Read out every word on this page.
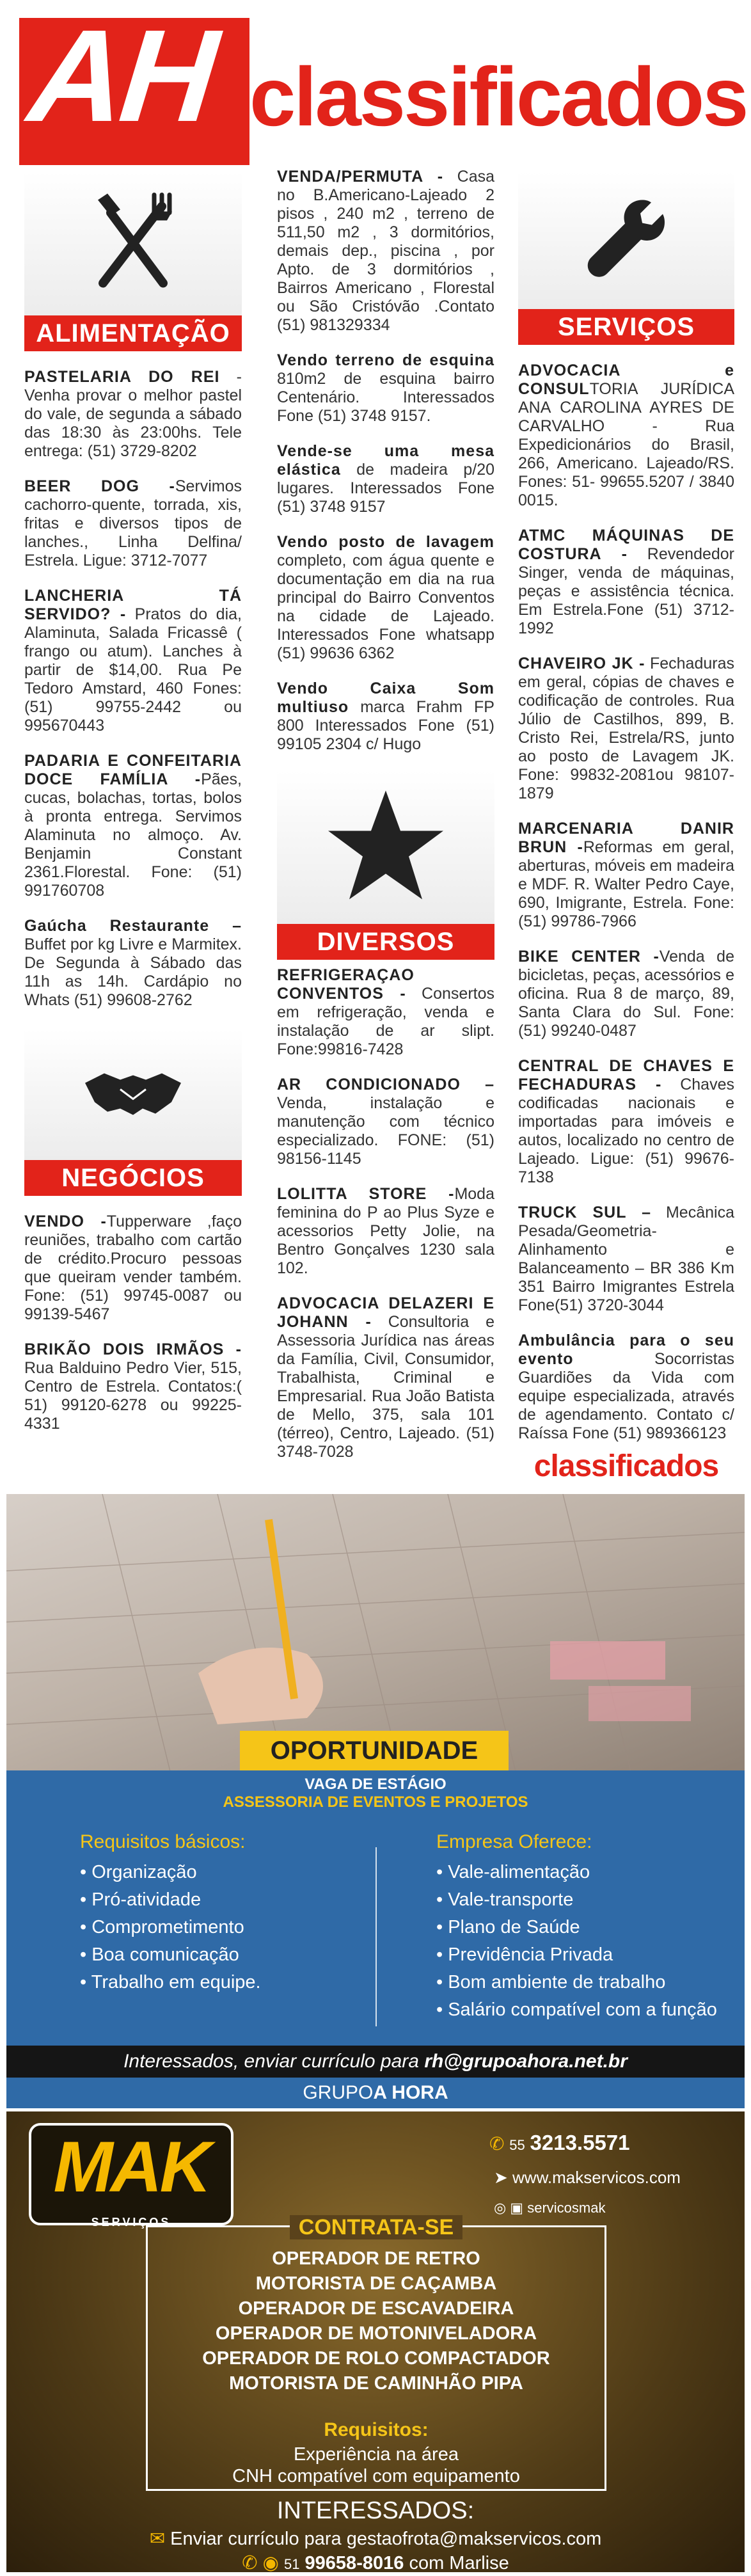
AH classificados
ALIMENTAÇÃO
PASTELARIA DO REI - Venha provar o melhor pastel do vale, de segunda a sábado das 18:30 às 23:00hs. Tele entrega: (51) 3729-8202
BEER DOG -Servimos cachorro-quente, torrada, xis, fritas e diversos tipos de lanches., Linha Delfina/ Estrela. Ligue: 3712-7077
LANCHERIA TÁ SERVIDO? - Pratos do dia, Alaminuta, Salada Fricassê ( frango ou atum). Lanches à partir de $14,00. Rua Pe Tedoro Amstard, 460 Fones: (51) 99755-2442 ou 995670443
PADARIA E CONFEITARIA DOCE FAMÍLIA -Pães, cucas, bolachas, tortas, bolos à pronta entrega. Servimos Alaminuta no almoço. Av. Benjamin Constant 2361.Florestal. Fone: (51) 991760708
Gaúcha Restaurante – Buffet por kg Livre e Marmitex. De Segunda à Sábado das 11h as 14h. Cardápio no Whats (51) 99608-2762
NEGÓCIOS
VENDO -Tupperware ,faço reuniões, trabalho com cartão de crédito.Procuro pessoas que queiram vender também. Fone: (51) 99745-0087 ou 99139-5467
BRIKÃO DOIS IRMÃOS -Rua Balduino Pedro Vier, 515, Centro de Estrela. Contatos:( 51) 99120-6278 ou 99225-4331
VENDA/PERMUTA - Casa no B.Americano-Lajeado 2 pisos , 240 m2 , terreno de 511,50 m2 , 3 dormitórios, demais dep., piscina , por Apto. de 3 dormitórios , Bairros Americano , Florestal ou São Cristóvão .Contato (51) 981329334
Vendo terreno de esquina 810m2 de esquina bairro Centenário. Interessados Fone (51) 3748 9157.
Vende-se uma mesa elástica de madeira p/20 lugares. Interessados Fone (51) 3748 9157
Vendo posto de lavagem completo, com água quente e documentação em dia na rua principal do Bairro Conventos na cidade de Lajeado. Interessados Fone whatsapp (51) 99636 6362
Vendo Caixa Som multiuso marca Frahm FP 800 Interessados Fone (51) 99105 2304 c/ Hugo
DIVERSOS
REFRIGERAÇAO CONVENTOS - Consertos em refrigeração, venda e instalação de ar slipt. Fone:99816-7428
AR CONDICIONADO – Venda, instalação e manutenção com técnico especializado. FONE: (51) 98156-1145
LOLITTA STORE -Moda feminina do P ao Plus Syze e acessorios Petty Jolie, na Bentro Gonçalves 1230 sala 102.
ADVOCACIA DELAZERI E JOHANN - Consultoria e Assessoria Jurídica nas áreas da Família, Civil, Consumidor, Trabalhista, Criminal e Empresarial. Rua João Batista de Mello, 375, sala 101 (térreo), Centro, Lajeado. (51) 3748-7028
SERVIÇOS
ADVOCACIA e CONSULTORIA JURÍDICA ANA CAROLINA AYRES DE CARVALHO - Rua Expedicionários do Brasil, 266, Americano. Lajeado/RS. Fones: 51- 99655.5207 / 3840 0015.
ATMC MÁQUINAS DE COSTURA - Revendedor Singer, venda de máquinas, peças e assistência técnica. Em Estrela.Fone (51) 3712-1992
CHAVEIRO JK - Fechaduras em geral, cópias de chaves e codificação de controles. Rua Júlio de Castilhos, 899, B. Cristo Rei, Estrela/RS, junto ao posto de Lavagem JK. Fone: 99832-2081ou 98107-1879
MARCENARIA DANIR BRUN -Reformas em geral, aberturas, móveis em madeira e MDF. R. Walter Pedro Caye, 690, Imigrante, Estrela. Fone:(51) 99786-7966
BIKE CENTER -Venda de bicicletas, peças, acessórios e oficina. Rua 8 de março, 89, Santa Clara do Sul. Fone: (51) 99240-0487
CENTRAL DE CHAVES E FECHADURAS - Chaves codificadas nacionais e importadas para imóveis e autos, localizado no centro de Lajeado. Ligue: (51) 99676-7138
TRUCK SUL – Mecânica Pesada/Geometria- Alinhamento e Balanceamento – BR 386 Km 351 Bairro Imigrantes Estrela Fone(51) 3720-3044
Ambulância para o seu evento Socorristas Guardiões da Vida com equipe especializada, através de agendamento. Contato c/ Raíssa Fone (51) 989366123
classificados
OPORTUNIDADE
VAGA DE ESTÁGIO
ASSESSORIA DE EVENTOS E PROJETOS
Requisitos básicos:
• Organização
• Pró-atividade
• Comprometimento
• Boa comunicação
• Trabalho em equipe.
Empresa Oferece:
• Vale-alimentação
• Vale-transporte
• Plano de Saúde
• Previdência Privada
• Bom ambiente de trabalho
• Salário compatível com a função
Interessados, enviar currículo para rh@grupoahora.net.br
GRUPOA HORA
MAK
SERVIÇOS
✆ 55 3213.5571
➤ www.makservicos.com
◎ ▣ servicosmak
CONTRATA-SE
OPERADOR DE RETRO
MOTORISTA DE CAÇAMBA
OPERADOR DE ESCAVADEIRA
OPERADOR DE MOTONIVELADORA
OPERADOR DE ROLO COMPACTADOR
MOTORISTA DE CAMINHÃO PIPA
Requisitos:
Experiência na área
CNH compatível com equipamento
INTERESSADOS:
✉ Enviar currículo para gestaofrota@makservicos.com
✆ ◉ 51 99658-8016 com Marlise
